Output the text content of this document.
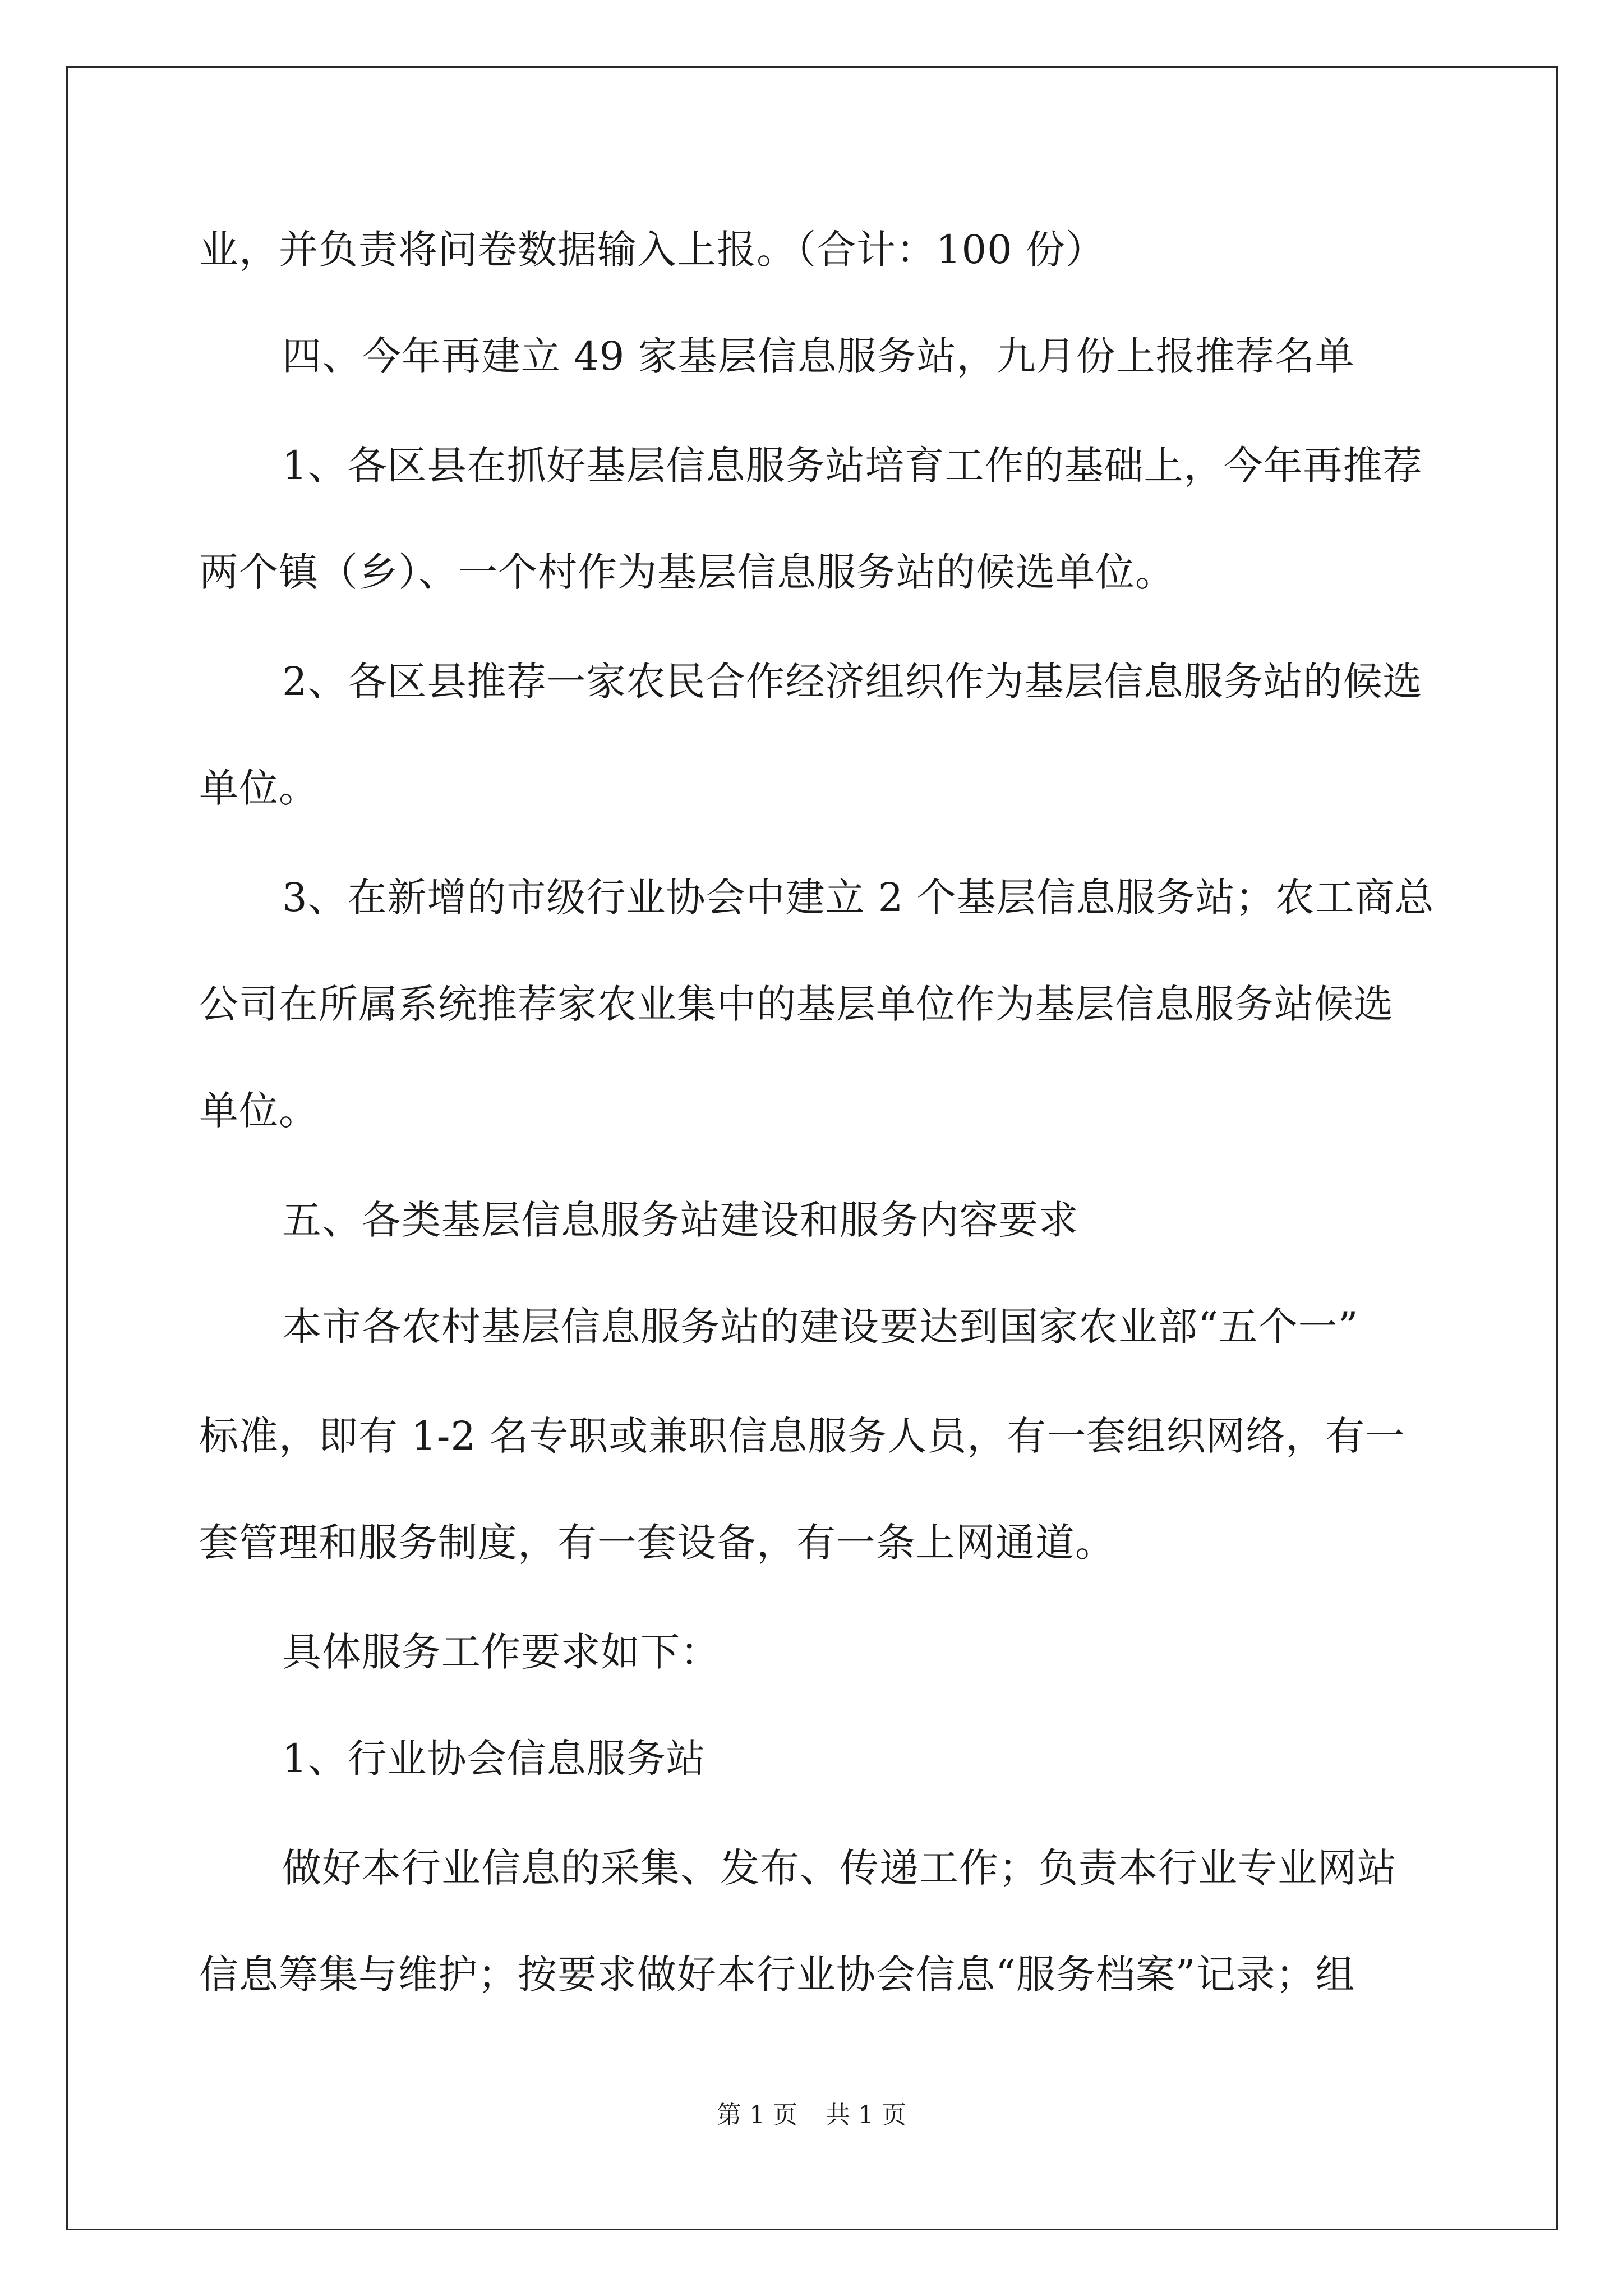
业，并负责将问卷数据输入上报。（合计：100 份）
四、今年再建立 49 家基层信息服务站，九月份上报推荐名单
1、各区县在抓好基层信息服务站培育工作的基础上，今年再推荐
两个镇（乡）、一个村作为基层信息服务站的候选单位。
2、各区县推荐一家农民合作经济组织作为基层信息服务站的候选
单位。
3、在新增的市级行业协会中建立 2 个基层信息服务站；农工商总
公司在所属系统推荐家农业集中的基层单位作为基层信息服务站候选
单位。
五、各类基层信息服务站建设和服务内容要求
本市各农村基层信息服务站的建设要达到国家农业部“五个一”
标准，即有 1-2 名专职或兼职信息服务人员，有一套组织网络，有一
套管理和服务制度，有一套设备，有一条上网通道。
具体服务工作要求如下：
1、行业协会信息服务站
做好本行业信息的采集、发布、传递工作；负责本行业专业网站
信息筹集与维护；按要求做好本行业协会信息“服务档案”记录；组
第 1 页 共 1 页
